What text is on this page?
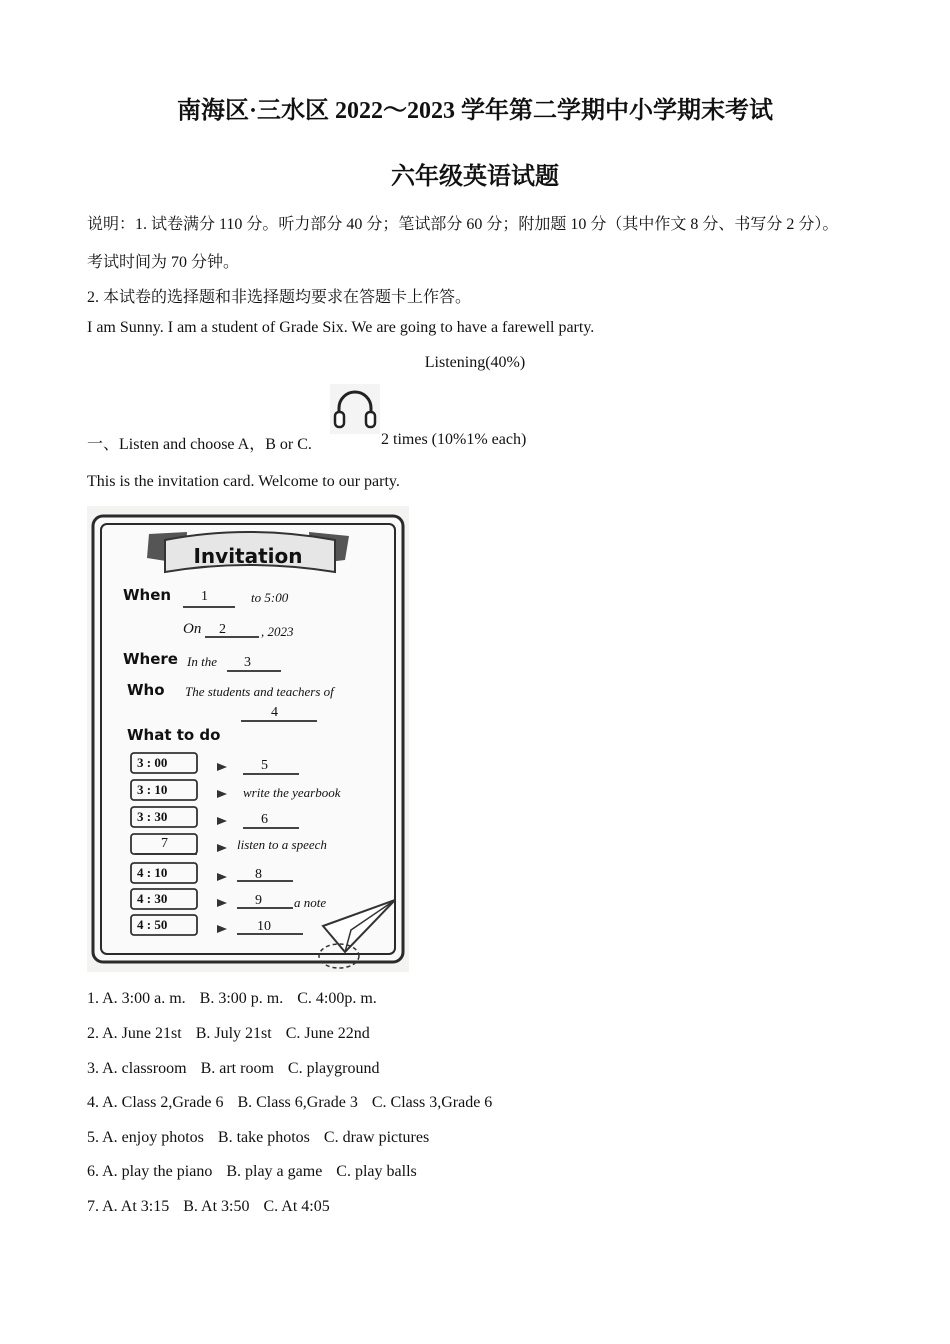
南海区·三水区 2022～2023 学年第二学期中小学期末考试
六年级英语试题
说明：1. 试卷满分 110 分。听力部分 40 分；笔试部分 60 分；附加题 10 分（其中作文 8 分、书写分 2 分）。
考试时间为 70 分钟。
2. 本试卷的选择题和非选择题均要求在答题卡上作答。
I am Sunny. I am a student of Grade Six. We are going to have a farewell party.
Listening(40%)
一、Listen and choose A，B or C.	2 times (10%1% each)
This is the invitation card. Welcome to our party.
Invitation
When 1	to 5:00
On 2	, 2023
Where In the 3
Who The students and teachers of
4
What to do
3 : 00	5
3 : 10	write the yearbook
3 : 30	6
7	listen to a speech
4 : 10	8
4 : 30	9 a note
4 : 50	10
1. A. 3:00 a. m. B. 3:00 p. m. C. 4:00p. m.
2. A. June 21st B. July 21st C. June 22nd
3. A. classroom B. art room C. playground
4. A. Class 2,Grade 6 B. Class 6,Grade 3 C. Class 3,Grade 6
5. A. enjoy photos B. take photos C. draw pictures
6. A. play the piano B. play a game C. play balls
7. A. At 3:15 B. At 3:50 C. At 4:05
